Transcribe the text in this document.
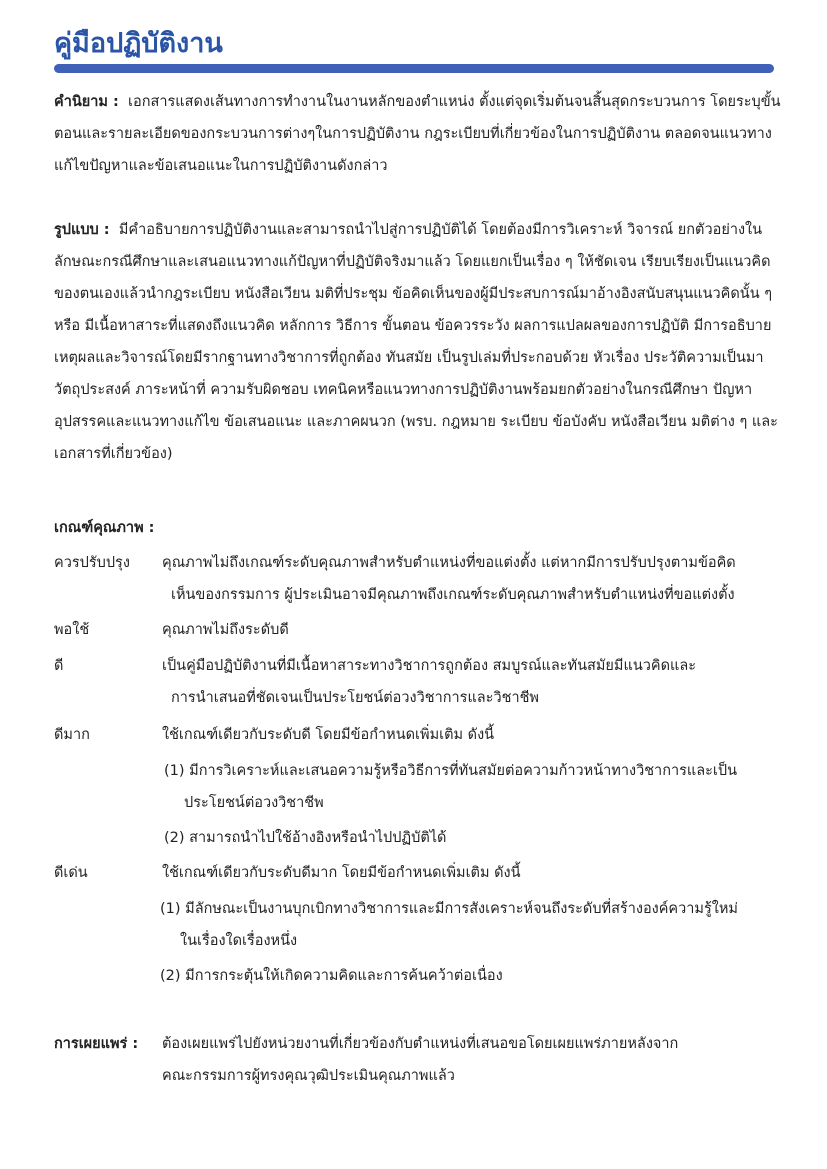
คู่มือปฏิบัติงาน

คำนิยาม : เอกสารแสดงเส้นทางการทำงานในงานหลักของตำแหน่ง ตั้งแต่จุดเริ่มต้นจนสิ้นสุดกระบวนการ โดยระบุขั้นตอนและรายละเอียดของกระบวนการต่างๆในการปฏิบัติงาน กฎระเบียบที่เกี่ยวข้องในการปฏิบัติงาน ตลอดจนแนวทางแก้ไขปัญหาและข้อเสนอแนะในการปฏิบัติงานดังกล่าว

รูปแบบ : มีคำอธิบายการปฏิบัติงานและสามารถนำไปสู่การปฏิบัติได้ โดยต้องมีการวิเคราะห์ วิจารณ์ ยกตัวอย่างในลักษณะกรณีศึกษาและเสนอแนวทางแก้ปัญหาที่ปฏิบัติจริงมาแล้ว โดยแยกเป็นเรื่อง ๆ ให้ชัดเจน เรียบเรียงเป็นแนวคิดของตนเองแล้วนำกฎระเบียบ หนังสือเวียน มติที่ประชุม ข้อคิดเห็นของผู้มีประสบการณ์มาอ้างอิงสนับสนุนแนวคิดนั้น ๆ หรือ มีเนื้อหาสาระที่แสดงถึงแนวคิด หลักการ วิธีการ ขั้นตอน ข้อควรระวัง ผลการแปลผลของการปฏิบัติ มีการอธิบายเหตุผลและวิจารณ์โดยมีรากฐานทางวิชาการที่ถูกต้อง ทันสมัย เป็นรูปเล่มที่ประกอบด้วย หัวเรื่อง ประวัติความเป็นมา วัตถุประสงค์ ภาระหน้าที่ ความรับผิดชอบ เทคนิคหรือแนวทางการปฏิบัติงานพร้อมยกตัวอย่างในกรณีศึกษา ปัญหา อุปสรรคและแนวทางแก้ไข ข้อเสนอแนะ และภาคผนวก (พรบ. กฎหมาย ระเบียบ ข้อบังคับ หนังสือเวียน มติต่าง ๆ และเอกสารที่เกี่ยวข้อง)

เกณฑ์คุณภาพ :

ควรปรับปรุง	คุณภาพไม่ถึงเกณฑ์ระดับคุณภาพสำหรับตำแหน่งที่ขอแต่งตั้ง แต่หากมีการปรับปรุงตามข้อคิด
เห็นของกรรมการ ผู้ประเมินอาจมีคุณภาพถึงเกณฑ์ระดับคุณภาพสำหรับตำแหน่งที่ขอแต่งตั้ง
พอใช้	คุณภาพไม่ถึงระดับดี
ดี	เป็นคู่มือปฏิบัติงานที่มีเนื้อหาสาระทางวิชาการถูกต้อง สมบูรณ์และทันสมัยมีแนวคิดและ
การนำเสนอที่ชัดเจนเป็นประโยชน์ต่อวงวิชาการและวิชาชีพ
ดีมาก	ใช้เกณฑ์เดียวกับระดับดี โดยมีข้อกำหนดเพิ่มเติม ดังนี้
(1) มีการวิเคราะห์และเสนอความรู้หรือวิธีการที่ทันสมัยต่อความก้าวหน้าทางวิชาการและเป็น
ประโยชน์ต่อวงวิชาชีพ
(2) สามารถนำไปใช้อ้างอิงหรือนำไปปฏิบัติได้
ดีเด่น	ใช้เกณฑ์เดียวกับระดับดีมาก โดยมีข้อกำหนดเพิ่มเติม ดังนี้
(1) มีลักษณะเป็นงานบุกเบิกทางวิชาการและมีการสังเคราะห์จนถึงระดับที่สร้างองค์ความรู้ใหม่
ในเรื่องใดเรื่องหนึ่ง
(2) มีการกระตุ้นให้เกิดความคิดและการค้นคว้าต่อเนื่อง
การเผยแพร่ : ต้องเผยแพร่ไปยังหน่วยงานที่เกี่ยวข้องกับตำแหน่งที่เสนอขอโดยเผยแพร่ภายหลังจาก
คณะกรรมการผู้ทรงคุณวุฒิประเมินคุณภาพแล้ว
